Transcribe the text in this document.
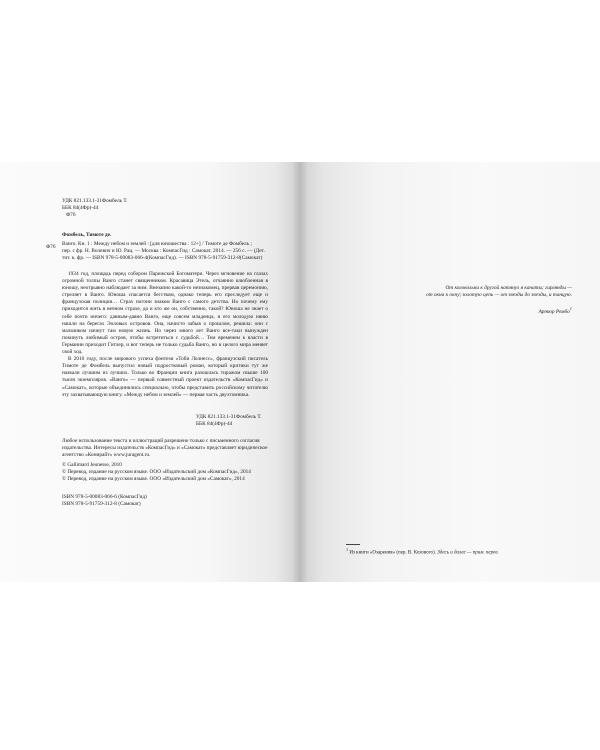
УДК 821.133.1-31Фомбель Т.
ББК 84(4Фр)-44
Ф76
Фомбель, Тимоте де.
Ф76 Ванго. Кн. 1 : Между небом и землей : [для юношества : 12+] / Тимоте де Фомбель ;
пер. с фр. Н. Волевич и Ю. Рац. — Москва : КомпасГид : Самокат, 2014. — 256 с. — (Дет.
тит. к. фр. — ISBN 978-5-00083-066-4(КомпасГид). — ISBN 978-5-91759-312-8(Самокат)

1934 год, площадь перед собором Парижской Богоматери. Через мгновение на глазах огромной толпы Ванго станет священником. Красавица Этель, отчаянно влюбленная в юношу, неотрывно наблюдает за ним. Внезапно какой-то незнакомец, прервав церемонию, стреляет в Ванго. Юноша спасается бегством, однако теперь его преследует еще и французская полиция… Страх погони знаком Ванго с самого детства. Но почему ему приходится жить в вечном страхе, да и кто же он, собственно, такой? Юноша не знает о себе почти ничего: давным-давно Ванго, еще совсем младенца, и его молодую няню нашли на берегах Эоловых островов. Она, начисто забыв о прошлом, решила: они с мальчиком начнут там новую жизнь. Но через много лет Ванго все-таки вынужден покинуть любимый остров, чтобы встретиться с судьбой… Тем временем к власти в Германии приходит Гитлер, и вот теперь не только судьба Ванго, но и целого мира меняет свой ход.

В 2010 году, после мирового успеха фэнтези «Тоби Лолнесс», французский писатель Тимоте де Фомбель выпустил новый подростковый роман, который критики тут же назвали лучшим из лучших. Только во Франции книга разошлась тиражом свыше 100 тысяч экземпляров. «Ванго» — первый совместный проект издательств «КомпасГид» и «Самокат», которые объединились специально, чтобы представить российскому читателю эту захватывающую книгу. «Между небом и землей» — первая часть двухтомника.

УДК 821.133.1-31Фомбель Т.
ББК 84(4Фр)-44
Любое использование текста и иллюстраций разрешено только с письменного согласия издательства. Интересы издательств «КомпасГид» и «Самокат» представляет юридическое агентство «Конирайт» www.juragent.ru.
© Gallimard Jeunesse, 2010
© Перевод, издание на русском языке. ООО «Издательский дом «КомпасГид», 2014
© Перевод, издание на русском языке. ООО «Издательский дом «Самокат», 2014
ISBN 978-5-00083-066-6 (КомпасГид)
ISBN 978-5-91759-312-8 (Самокат)
От колокольни к другой натянул я канаты; гирлянды —
от окна к окну; золотую цепь — от звезды до звезды, и танцую.
Артюр Рембо$^1$
$^1$ Из книги «Озарения» (пер. В. Козового). Здесь и далее — прим. перев.
